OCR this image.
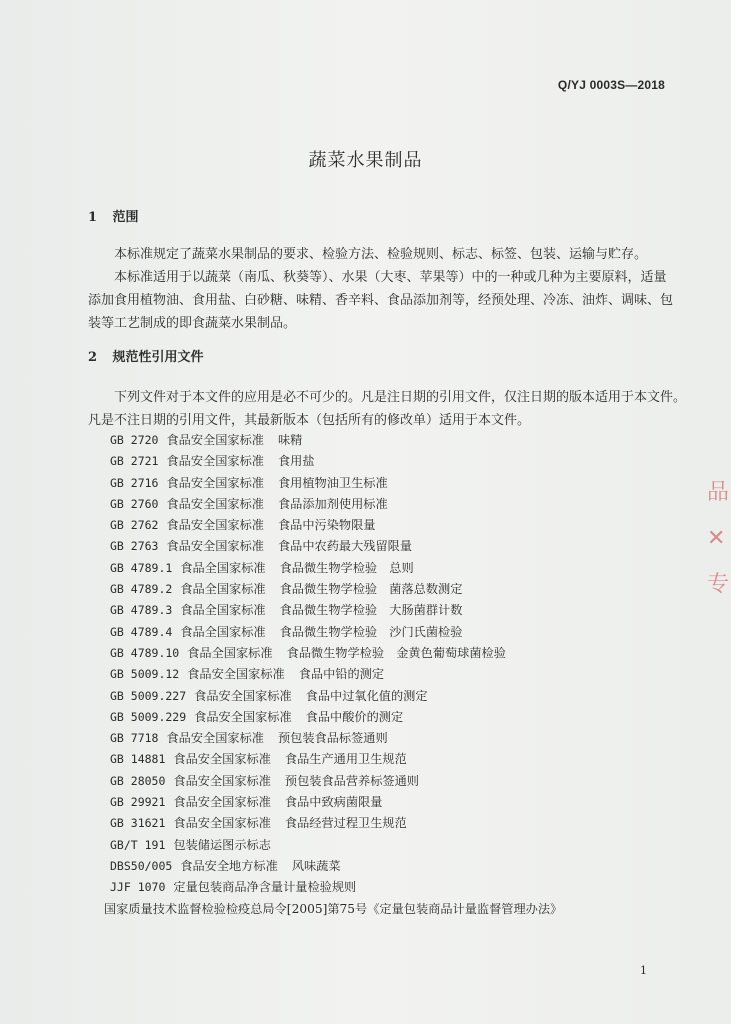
Q/YJ 0003S—2018
蔬菜水果制品
1 范围
本标准规定了蔬菜水果制品的要求、检验方法、检验规则、标志、标签、包装、运输与贮存。
本标准适用于以蔬菜（南瓜、秋葵等）、水果（大枣、苹果等）中的一种或几种为主要原料，适量
添加食用植物油、食用盐、白砂糖、味精、香辛料、食品添加剂等，经预处理、冷冻、油炸、调味、包
装等工艺制成的即食蔬菜水果制品。
2 规范性引用文件
下列文件对于本文件的应用是必不可少的。凡是注日期的引用文件，仅注日期的版本适用于本文件。
凡是不注日期的引用文件，其最新版本（包括所有的修改单）适用于本文件。
GB 2720 食品安全国家标准 味精
GB 2721 食品安全国家标准 食用盐
GB 2716 食品安全国家标准 食用植物油卫生标准
GB 2760 食品安全国家标准 食品添加剂使用标准
GB 2762 食品安全国家标准 食品中污染物限量
GB 2763 食品安全国家标准 食品中农药最大残留限量
GB 4789.1 食品全国家标准 食品微生物学检验　总则
GB 4789.2 食品全国家标准 食品微生物学检验　菌落总数测定
GB 4789.3 食品全国家标准 食品微生物学检验　大肠菌群计数
GB 4789.4 食品全国家标准 食品微生物学检验　沙门氏菌检验
GB 4789.10 食品全国家标准 食品微生物学检验　金黄色葡萄球菌检验
GB 5009.12 食品安全国家标准 食品中铅的测定
GB 5009.227 食品安全国家标准 食品中过氧化值的测定
GB 5009.229 食品安全国家标准 食品中酸价的测定
GB 7718 食品安全国家标准 预包装食品标签通则
GB 14881 食品安全国家标准 食品生产通用卫生规范
GB 28050 食品安全国家标准 预包装食品营养标签通则
GB 29921 食品安全国家标准 食品中致病菌限量
GB 31621 食品安全国家标准 食品经营过程卫生规范
GB/T 191 包装储运图示标志
DBS50/005 食品安全地方标准 风味蔬菜
JJF 1070 定量包装商品净含量计量检验规则
国家质量技术监督检验检疫总局令[2005]第75号《定量包装商品计量监督管理办法》
1
品
✕
专
